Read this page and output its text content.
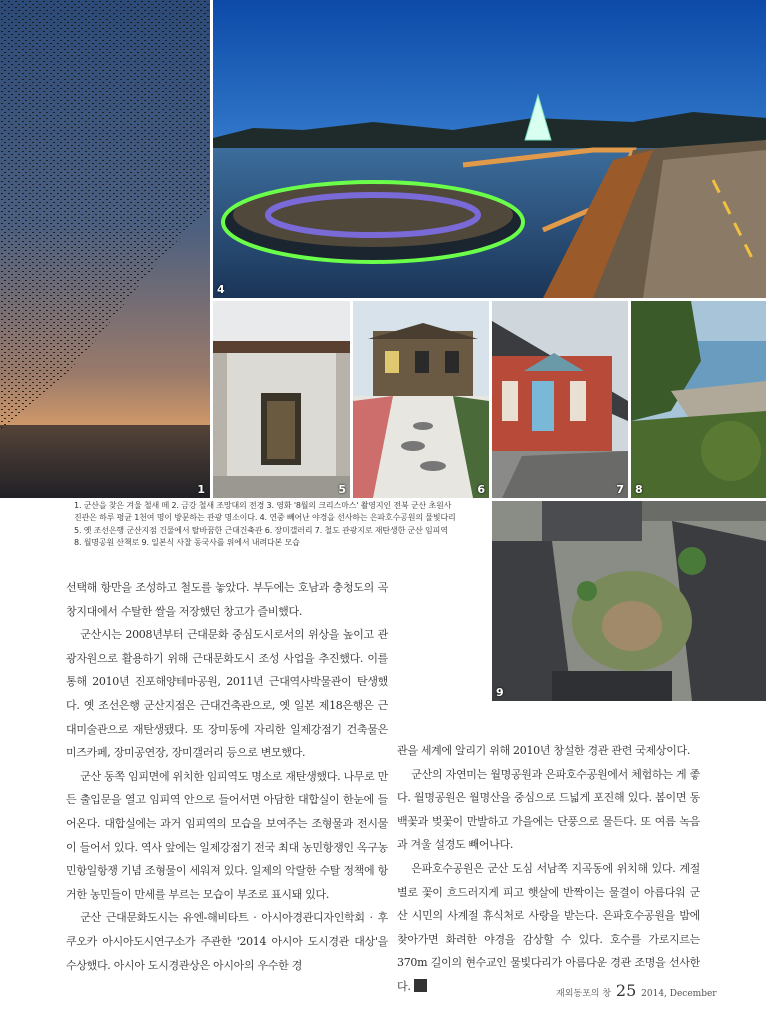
1
4
5	6	7 8

1. 군산을 찾은 겨울 철새 떼 2. 금강 철새 조망대의 전경 3. 영화 '8월의 크리스마스' 촬영지인 전북 군산 초원사

진관은 하루 평균 1천여 명이 방문하는 관광 명소이다. 4. 연중 빼어난 야경을 선사하는 은파호수공원의 물빛다리

5. 옛 조선은행 군산지점 건물에서 탈바꿈한 근대건축관 6. 장미갤러리 7. 철도 관광지로 재탄생한 군산 임피역

8. 월명공원 산책로 9. 일본식 사찰 동국사를 위에서 내려다본 모습

9

선택해 항만을 조성하고 철도를 놓았다. 부두에는 호남과 충청도의 곡창지대에서 수탈한 쌀을 저장했던 창고가 즐비했다.

군산시는 2008년부터 근대문화 중심도시로서의 위상을 높이고 관광자원으로 활용하기 위해 근대문화도시 조성 사업을 추진했다. 이를 통해 2010년 진포해양테마공원, 2011년 근대역사박물관이 탄생했다. 옛 조선은행 군산지점은 근대건축관으로, 옛 일본 제18은행은 근대미술관으로 재탄생됐다. 또 장미동에 자리한 일제강점기 건축물은 미즈카페, 장미공연장, 장미갤러리 등으로 변모했다.

군산 동쪽 임피면에 위치한 임피역도 명소로 재탄생했다. 나무로 만든 출입문을 열고 임피역 안으로 들어서면 아담한 대합실이 한눈에 들어온다. 대합실에는 과거 임피역의 모습을 보여주는 조형물과 전시물이 들어서 있다. 역사 앞에는 일제강점기 전국 최대 농민항쟁인 옥구농민항일항쟁 기념 조형물이 세워져 있다. 일제의 악랄한 수탈 정책에 항거한 농민들이 만세를 부르는 모습이 부조로 표시돼 있다.

군산 근대문화도시는 유엔-해비타트 · 아시아경관디자인학회 · 후쿠오카 아시아도시연구소가 주관한 '2014 아시아 도시경관 대상'을 수상했다. 아시아 도시경관상은 아시아의 우수한 경

관을 세계에 알리기 위해 2010년 창설한 경관 관련 국제상이다.

군산의 자연미는 월명공원과 은파호수공원에서 체험하는 게 좋다. 월명공원은 월명산을 중심으로 드넓게 포진해 있다. 봄이면 동백꽃과 벚꽃이 만발하고 가을에는 단풍으로 물든다. 또 여름 녹음과 겨울 설경도 빼어나다.

은파호수공원은 군산 도심 서남쪽 지곡동에 위치해 있다. 계절별로 꽃이 흐드러지게 피고 햇살에 반짝이는 물결이 아름다워 군산 시민의 사계절 휴식처로 사랑을 받는다. 은파호수공원을 밤에 찾아가면 화려한 야경을 감상할 수 있다. 호수를 가로지르는 370m 길이의 현수교인 물빛다리가 아름다운 경관 조명을 선사한다.

재외동포의 창 25 2014, December
